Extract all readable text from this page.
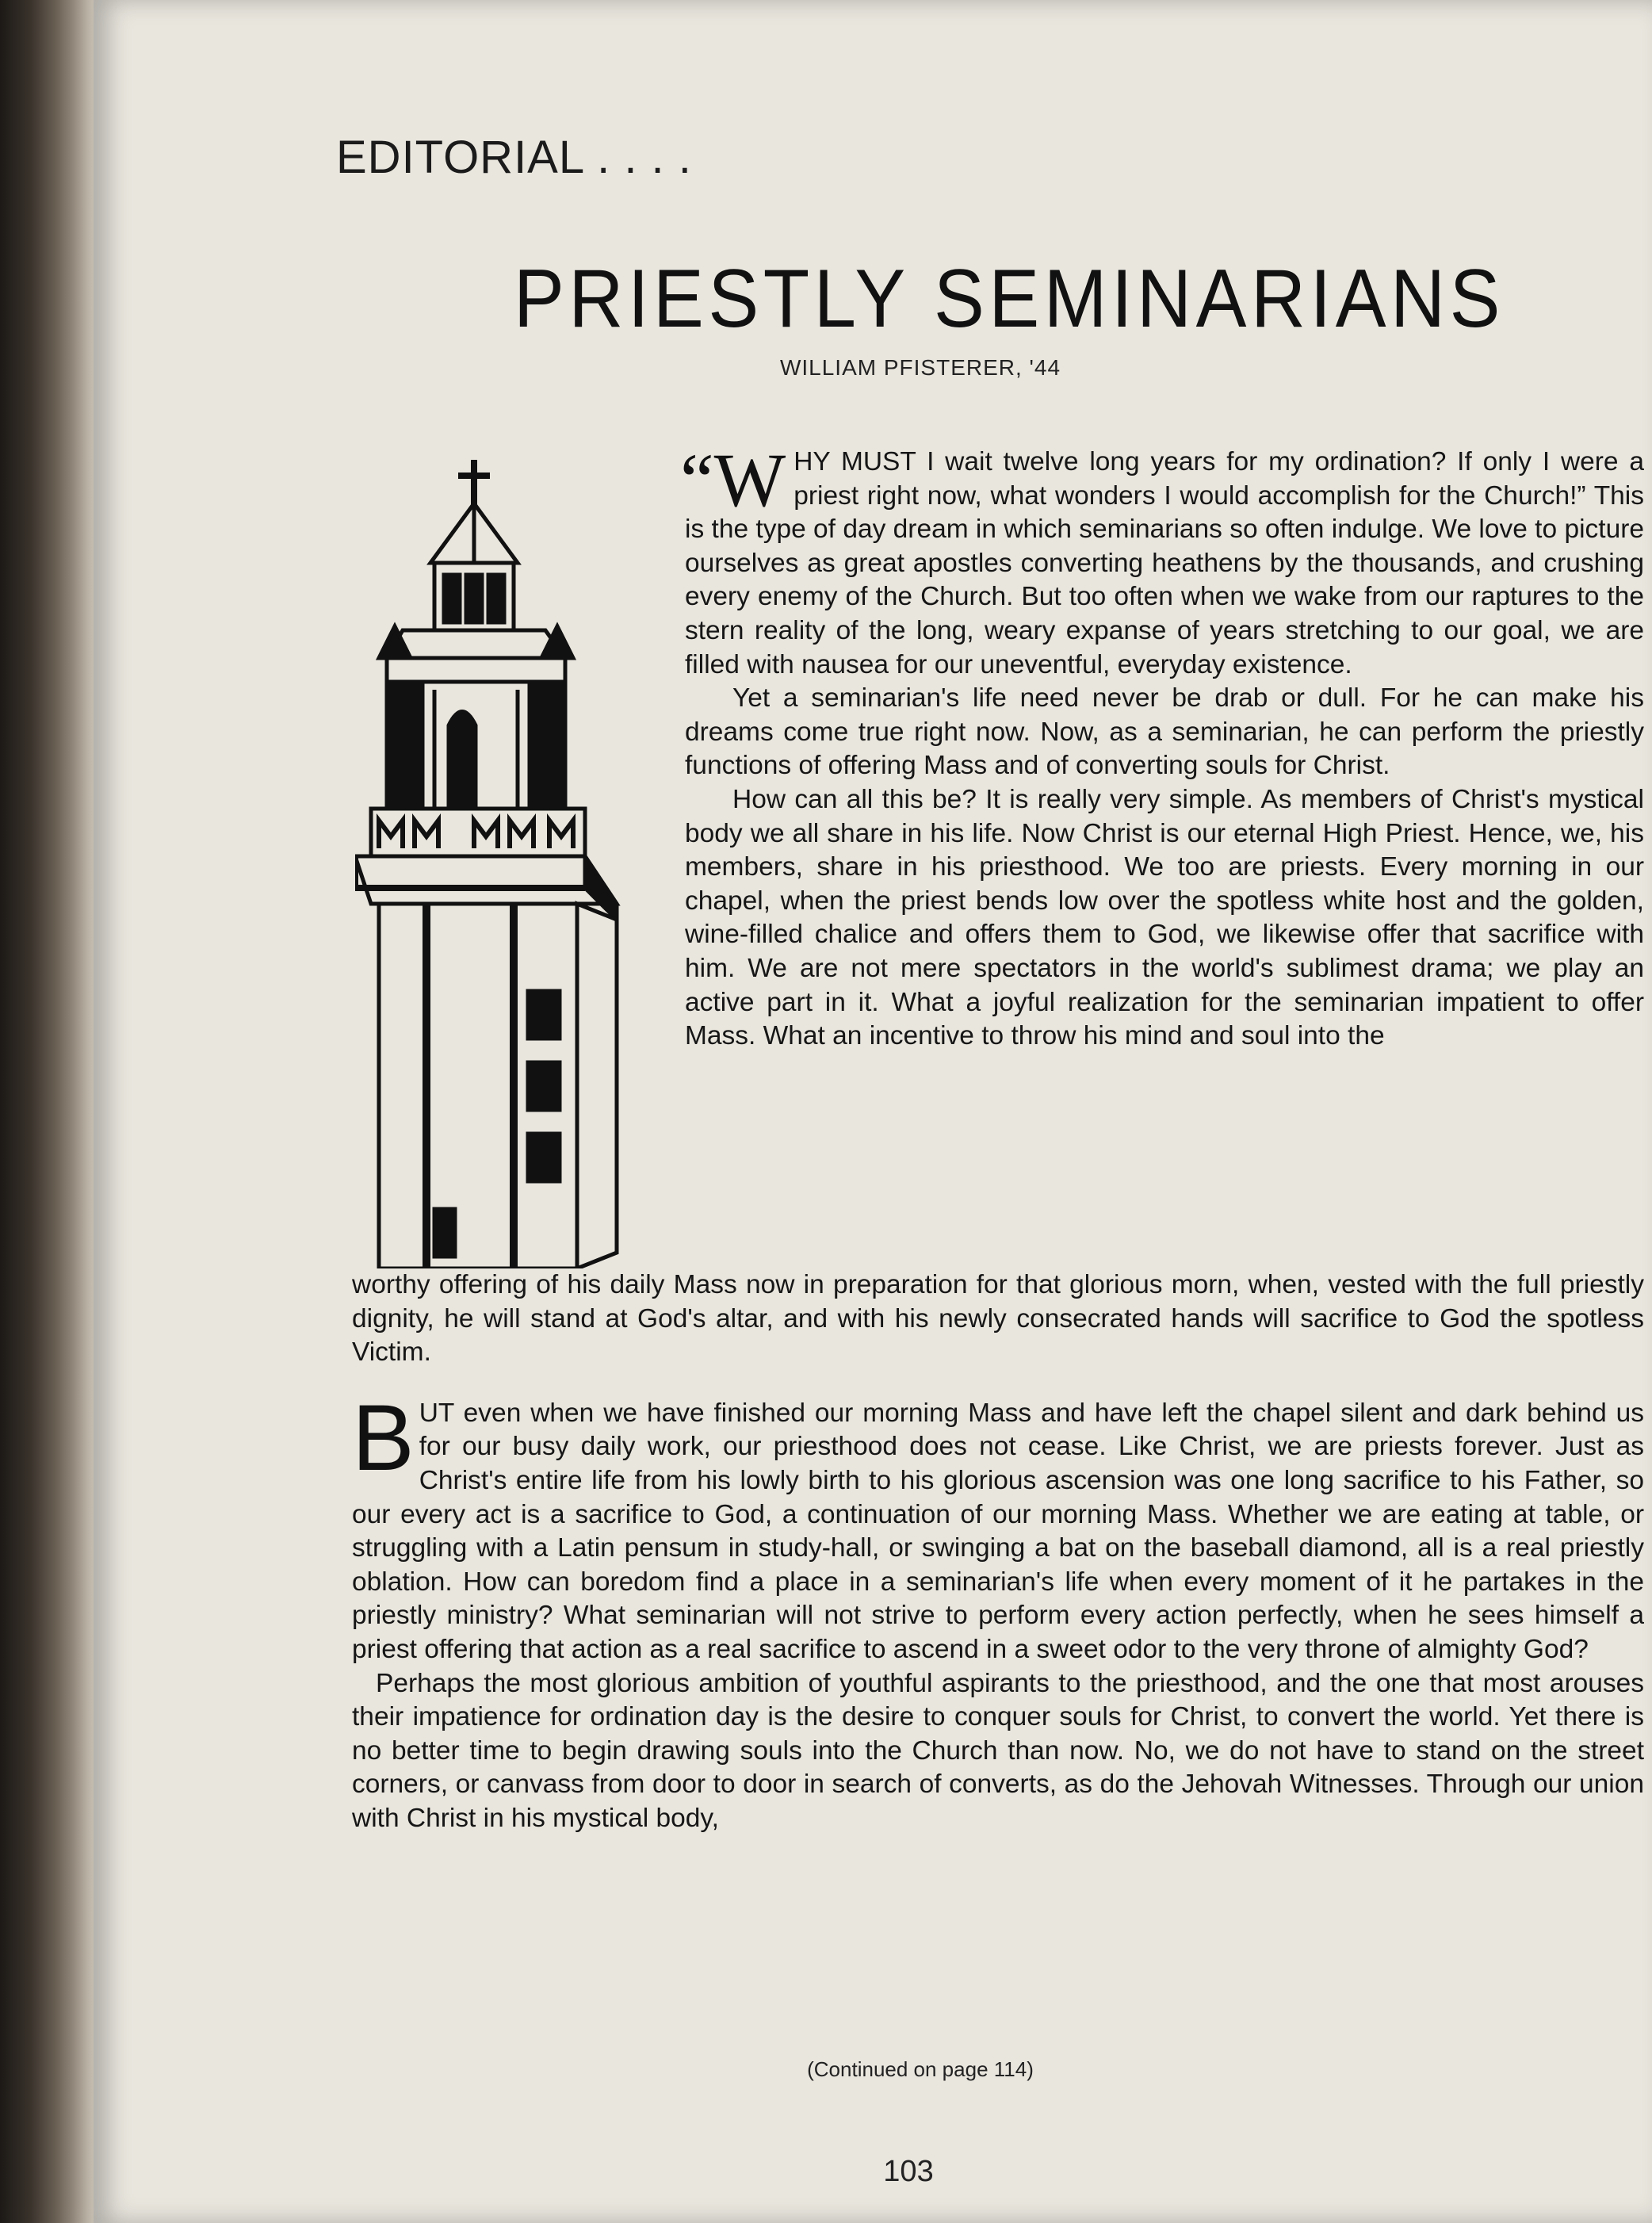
EDITORIAL . . . .
PRIESTLY SEMINARIANS
WILLIAM PFISTERER, '44

“WHY MUST I wait twelve long years for my ordination? If only I were a priest right now, what wonders I would accomplish for the Church!” This is the type of day dream in which seminarians so often indulge. We love to picture ourselves as great apostles converting heathens by the thousands, and crushing every enemy of the Church. But too often when we wake from our raptures to the stern reality of the long, weary expanse of years stretching to our goal, we are filled with nausea for our uneventful, everyday existence.

Yet a seminarian's life need never be drab or dull. For he can make his dreams come true right now. Now, as a seminarian, he can perform the priestly functions of offering Mass and of converting souls for Christ.

How can all this be? It is really very simple. As members of Christ's mystical body we all share in his life. Now Christ is our eternal High Priest. Hence, we, his members, share in his priesthood. We too are priests. Every morning in our chapel, when the priest bends low over the spotless white host and the golden, wine-filled chalice and offers them to God, we likewise offer that sacrifice with him. We are not mere spectators in the world's sublimest drama; we play an active part in it. What a joyful realization for the seminarian impatient to offer Mass. What an incentive to throw his mind and soul into the

worthy offering of his daily Mass now in preparation for that glorious morn, when, vested with the full priestly dignity, he will stand at God's altar, and with his newly consecrated hands will sacrifice to God the spotless Victim.

BUT even when we have finished our morning Mass and have left the chapel silent and dark behind us for our busy daily work, our priesthood does not cease. Like Christ, we are priests forever. Just as Christ's entire life from his lowly birth to his glorious ascension was one long sacrifice to his Father, so our every act is a sacrifice to God, a continuation of our morning Mass. Whether we are eating at table, or struggling with a Latin pensum in study-hall, or swinging a bat on the baseball diamond, all is a real priestly oblation. How can boredom find a place in a seminarian's life when every moment of it he partakes in the priestly ministry? What seminarian will not strive to perform every action perfectly, when he sees himself a priest offering that action as a real sacrifice to ascend in a sweet odor to the very throne of almighty God?

Perhaps the most glorious ambition of youthful aspirants to the priesthood, and the one that most arouses their impatience for ordination day is the desire to conquer souls for Christ, to convert the world. Yet there is no better time to begin drawing souls into the Church than now. No, we do not have to stand on the street corners, or canvass from door to door in search of converts, as do the Jehovah Witnesses. Through our union with Christ in his mystical body,

(Continued on page 114)
103
